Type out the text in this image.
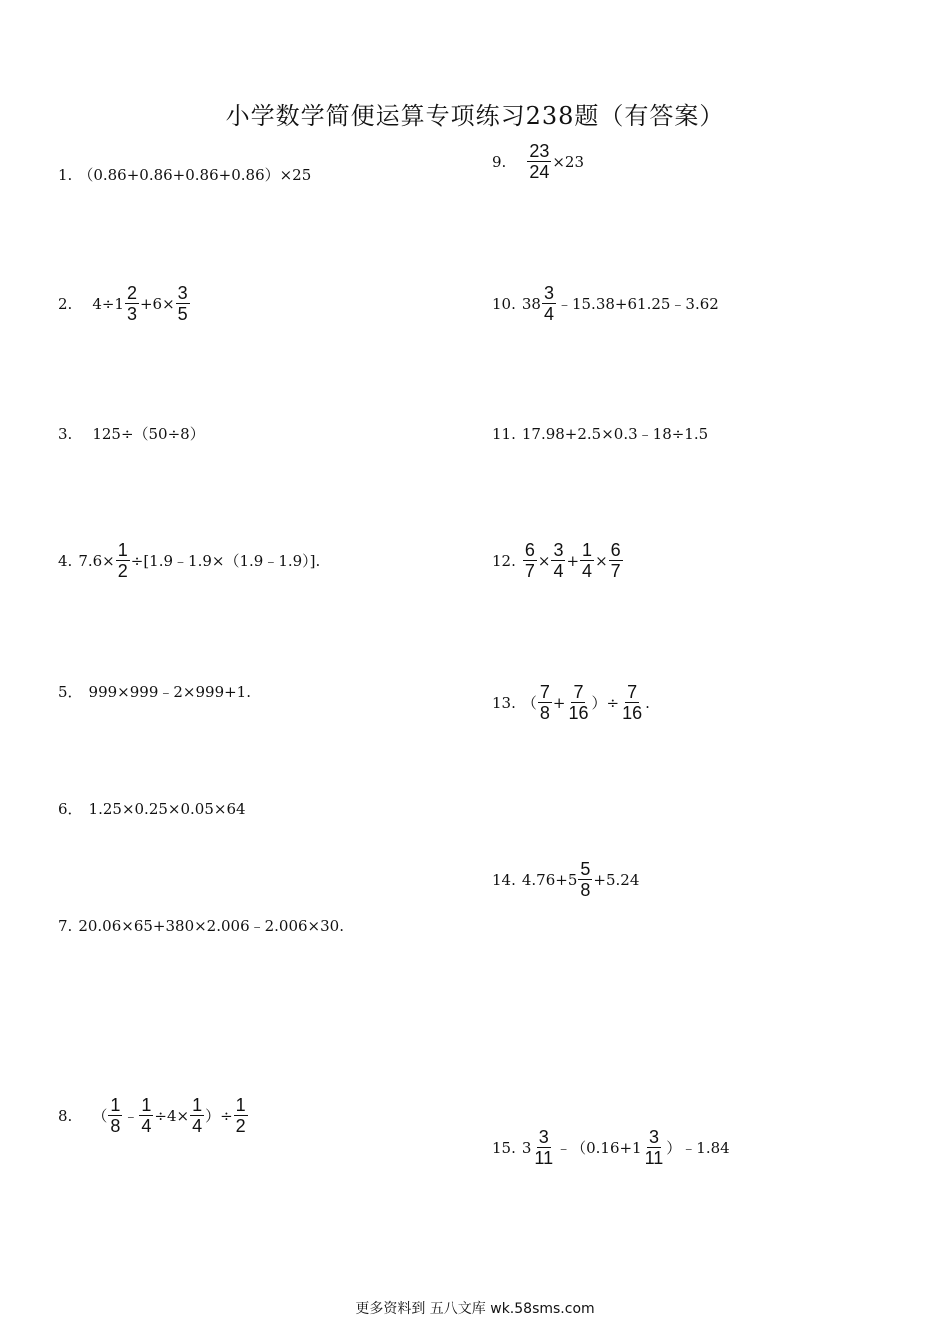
小学数学简便运算专项练习238题（有答案）
1. （0.86+0.86+0.86+0.86）×25
2. $4\div 1 \frac{2}{3} +6\times \frac{3}{5}$
3. 125÷（50÷8）
4. $7.6\times \frac{1}{2}$ ÷[1.9﹣1.9×（1.9﹣1.9）].
5． 999×999﹣2×999+1.
6． 1.25×0.25×0.05×64
7. 20.06×65+380×2.006﹣2.006×30.
8. （ $\frac{1}{8}$ ﹣ $\frac{1}{4} \div 4\times \frac{1}{4}$ ）÷ $\frac{1}{2}$
9. $\frac{23}{24} \times 23$
10. $38 \frac{3}{4}$ ﹣15.38+61.25﹣3.62
11. 17.98+2.5×0.3﹣18÷1.5
12. $\frac{6}{7} \times \frac{3}{4} + \frac{1}{4} \times \frac{6}{7}$
13. （ $\frac{7}{8} + \frac{7}{16}$ ）÷ $\frac{7}{16}$ .
14. $4.76+5 \frac{5}{8} +5.24$
15. $3 \frac{3}{11}$ ﹣（0.16+1 $\frac{3}{11}$ ）﹣1.84
更多资料到 五八文库 wk.58sms.com
